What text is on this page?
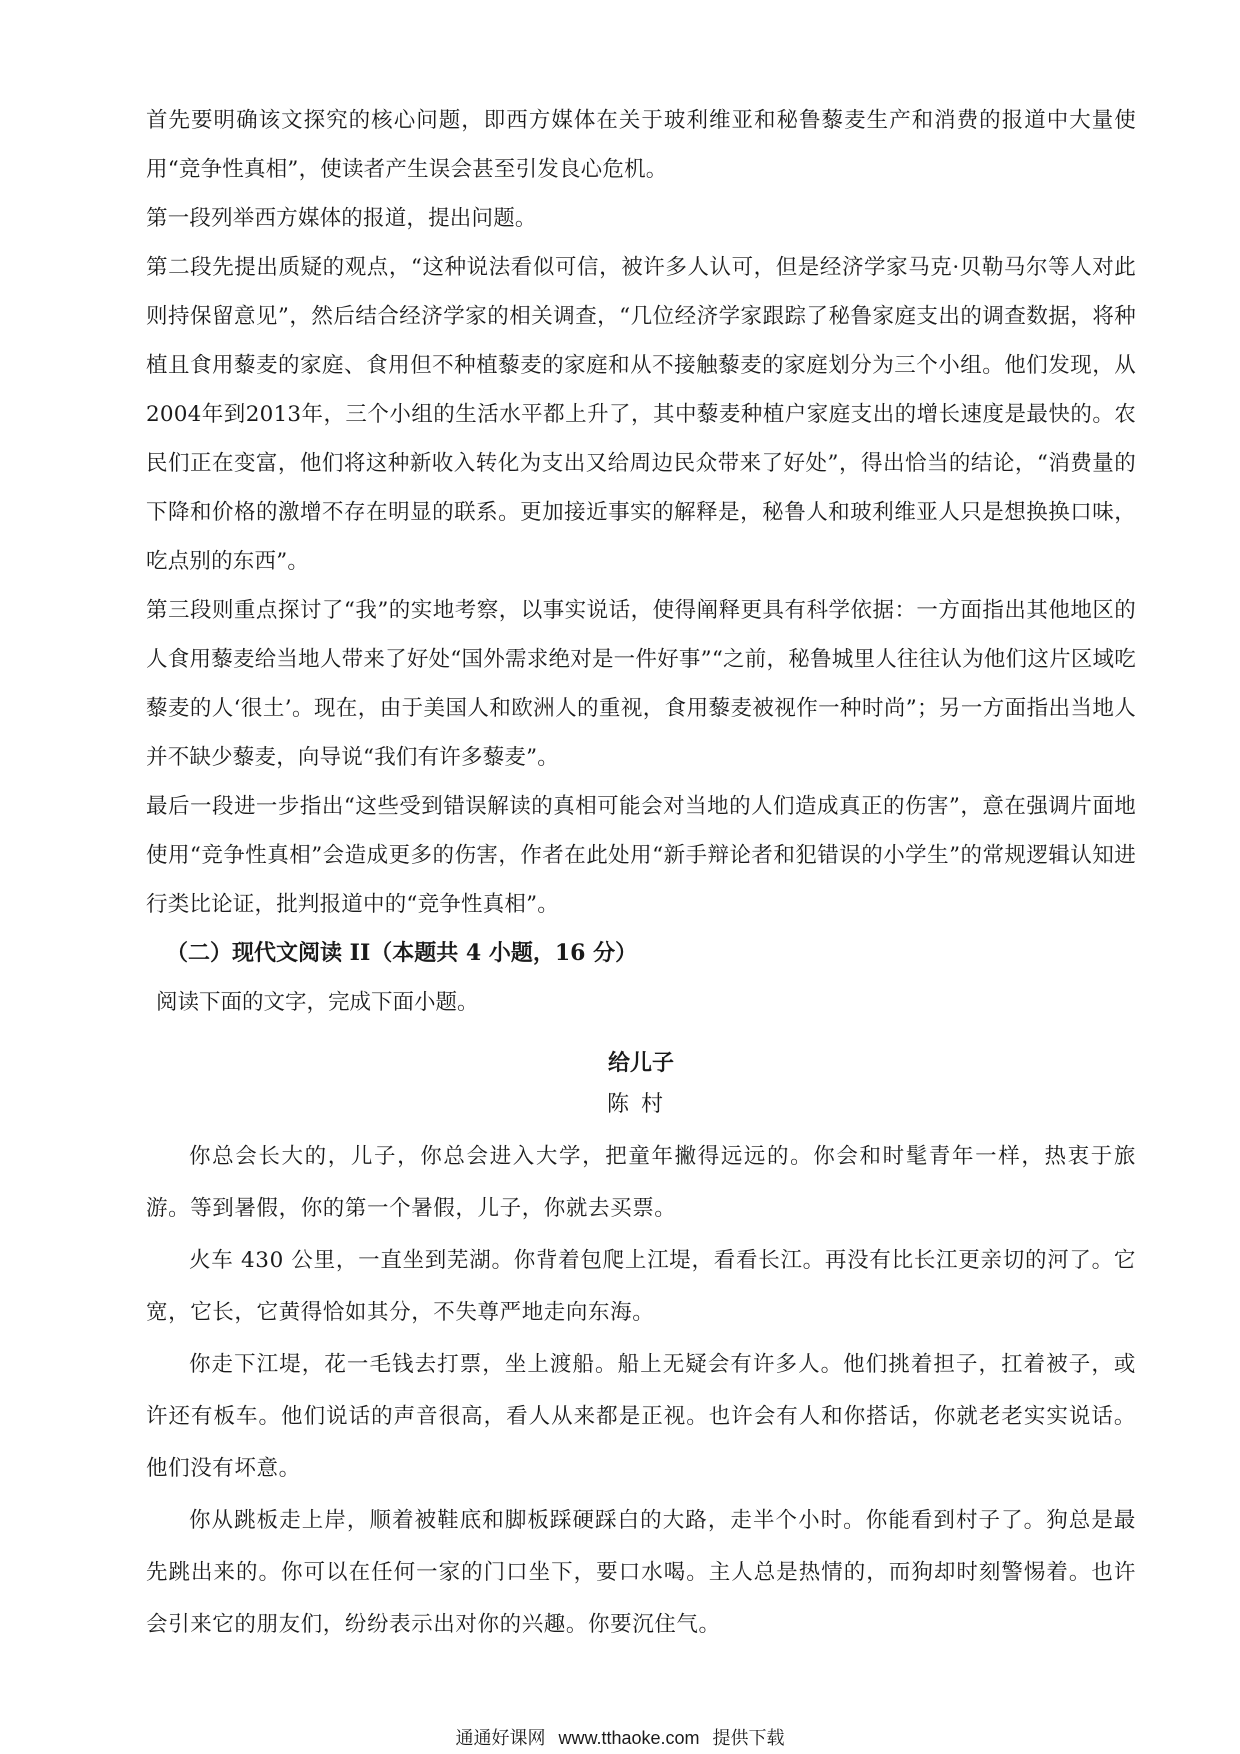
首先要明确该文探究的核心问题，即西方媒体在关于玻利维亚和秘鲁藜麦生产和消费的报道中大量使用“竞争性真相”，使读者产生误会甚至引发良心危机。

第一段列举西方媒体的报道，提出问题。

第二段先提出质疑的观点，“这种说法看似可信，被许多人认可，但是经济学家马克·贝勒马尔等人对此则持保留意见”，然后结合经济学家的相关调查，“几位经济学家跟踪了秘鲁家庭支出的调查数据，将种植且食用藜麦的家庭、食用但不种植藜麦的家庭和从不接触藜麦的家庭划分为三个小组。他们发现，从2004年到2013年，三个小组的生活水平都上升了，其中藜麦种植户家庭支出的增长速度是最快的。农民们正在变富，他们将这种新收入转化为支出又给周边民众带来了好处”，得出恰当的结论，“消费量的下降和价格的激增不存在明显的联系。更加接近事实的解释是，秘鲁人和玻利维亚人只是想换换口味，吃点别的东西”。

第三段则重点探讨了“我”的实地考察，以事实说话，使得阐释更具有科学依据：一方面指出其他地区的人食用藜麦给当地人带来了好处“国外需求绝对是一件好事”“之前，秘鲁城里人往往认为他们这片区域吃藜麦的人‘很土’。现在，由于美国人和欧洲人的重视，食用藜麦被视作一种时尚”；另一方面指出当地人并不缺少藜麦，向导说“我们有许多藜麦”。

最后一段进一步指出“这些受到错误解读的真相可能会对当地的人们造成真正的伤害”，意在强调片面地使用“竞争性真相”会造成更多的伤害，作者在此处用“新手辩论者和犯错误的小学生”的常规逻辑认知进行类比论证，批判报道中的“竞争性真相”。

（二）现代文阅读 II（本题共 4 小题，16 分）

阅读下面的文字，完成下面小题。

给儿子
陈村

你总会长大的，儿子，你总会进入大学，把童年撇得远远的。你会和时髦青年一样，热衷于旅游。等到暑假，你的第一个暑假，儿子，你就去买票。

火车 430 公里，一直坐到芜湖。你背着包爬上江堤，看看长江。再没有比长江更亲切的河了。它宽，它长，它黄得恰如其分，不失尊严地走向东海。

你走下江堤，花一毛钱去打票，坐上渡船。船上无疑会有许多人。他们挑着担子，扛着被子，或许还有板车。他们说话的声音很高，看人从来都是正视。也许会有人和你搭话，你就老老实实说话。他们没有坏意。

你从跳板走上岸，顺着被鞋底和脚板踩硬踩白的大路，走半个小时。你能看到村子了。狗总是最先跳出来的。你可以在任何一家的门口坐下，要口水喝。主人总是热情的，而狗却时刻警惕着。也许会引来它的朋友们，纷纷表示出对你的兴趣。你要沉住气。

通通好课网 www.tthaoke.com 提供下载
